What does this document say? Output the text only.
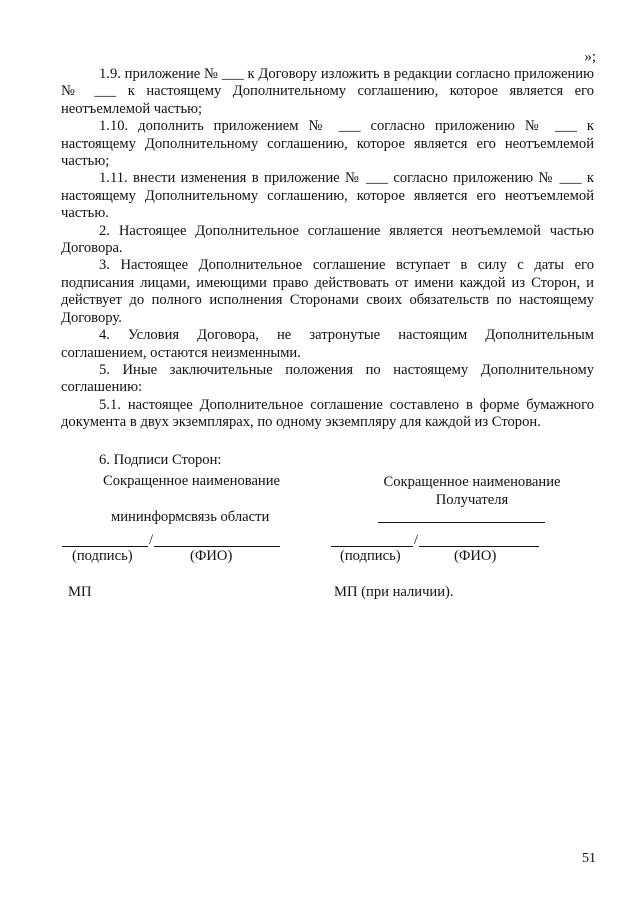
»;

1.9. приложение № ___ к Договору изложить в редакции согласно приложению № ___ к настоящему Дополнительному соглашению, которое является его неотъемлемой частью;

1.10. дополнить приложением № ___ согласно приложению № ___ к настоящему Дополнительному соглашению, которое является его неотъемлемой частью;

1.11. внести изменения в приложение № ___ согласно приложению № ___ к настоящему Дополнительному соглашению, которое является его неотъемлемой частью.

2. Настоящее Дополнительное соглашение является неотъемлемой частью Договора.

3. Настоящее Дополнительное соглашение вступает в силу с даты его подписания лицами, имеющими право действовать от имени каждой из Сторон, и действует до полного исполнения Сторонами своих обязательств по настоящему Договору.

4. Условия Договора, не затронутые настоящим Дополнительным соглашением, остаются неизменными.

5. Иные заключительные положения по настоящему Дополнительному соглашению:

5.1. настоящее Дополнительное соглашение составлено в форме бумажного документа в двух экземплярах, по одному экземпляру для каждой из Сторон.

6. Подписи Сторон:
Сокращенное наименование	Сокращенное наименование Получателя
мининформсвязь области
/	/
(подпись)	(ФИО)	(подпись)	(ФИО)
МП	МП (при наличии).
51
